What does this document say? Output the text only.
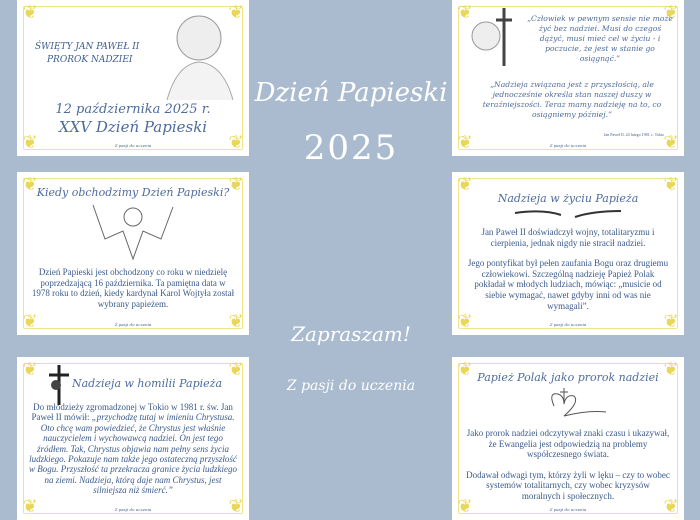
Dzień Papieski
2025
Zapraszam!
Z pasji do uczenia
❦	❦
❦	❦
ŚWIĘTY JAN PAWEŁ II
PROROK NADZIEI
12 października 2025 r.
XXV Dzień Papieski
Z pasji do uczenia
❦	❦
❦	❦
„Człowiek w pewnym sensie nie może żyć bez nadziei. Musi do czegoś dążyć, musi mieć cel w życiu - i poczucie, że jest w stanie go osiągnąć.”
„Nadzieja związana jest z przyszłością, ale jednocześnie określa stan naszej duszy w teraźniejszości. Teraz mamy nadzieję na to, co osiągniemy później.”
Jan Paweł II, 24 lutego 1981 r., Tokio
Z pasji do uczenia
❦	❦
❦	❦
Kiedy obchodzimy Dzień Papieski?
Dzień Papieski jest obchodzony co roku w niedzielę poprzedzającą 16 października. Ta pamiętna data w 1978 roku to dzień, kiedy kardynał Karol Wojtyła został wybrany papieżem.
Z pasji do uczenia
❦	❦
❦	❦
Nadzieja w życiu Papieża
Jan Paweł II doświadczył wojny, totalitaryzmu i cierpienia, jednak nigdy nie stracił nadziei.
Jego pontyfikat był pełen zaufania Bogu oraz drugiemu człowiekowi. Szczególną nadzieję Papież Polak pokładał w młodych ludziach, mówiąc: „musicie od siebie wymagać, nawet gdyby inni od was nie wymagali”.
Z pasji do uczenia
❦	❦
❦	❦
Nadzieja w homilii Papieża
Do młodzieży zgromadzonej w Tokio w 1981 r. św. Jan Paweł II mówił: „przychodzę tutaj w imieniu Chrystusa. Oto chcę wam powiedzieć, że Chrystus jest właśnie nauczycielem i wychowawcą nadziei. On jest tego źródłem. Tak, Chrystus objawia nam pełny sens życia ludzkiego. Pokazuje nam także jego ostateczną przyszłość w Bogu. Przyszłość ta przekracza granice życia ludzkiego na ziemi. Nadzieja, którą daje nam Chrystus, jest silniejsza niż śmierć.”
Z pasji do uczenia
❦	❦
❦	❦
Papież Polak jako prorok nadziei
Jako prorok nadziei odczytywał znaki czasu i ukazywał, że Ewangelia jest odpowiedzią na problemy współczesnego świata.
Dodawał odwagi tym, którzy żyli w lęku – czy to wobec systemów totalitarnych, czy wobec kryzysów moralnych i społecznych.
Z pasji do uczenia
